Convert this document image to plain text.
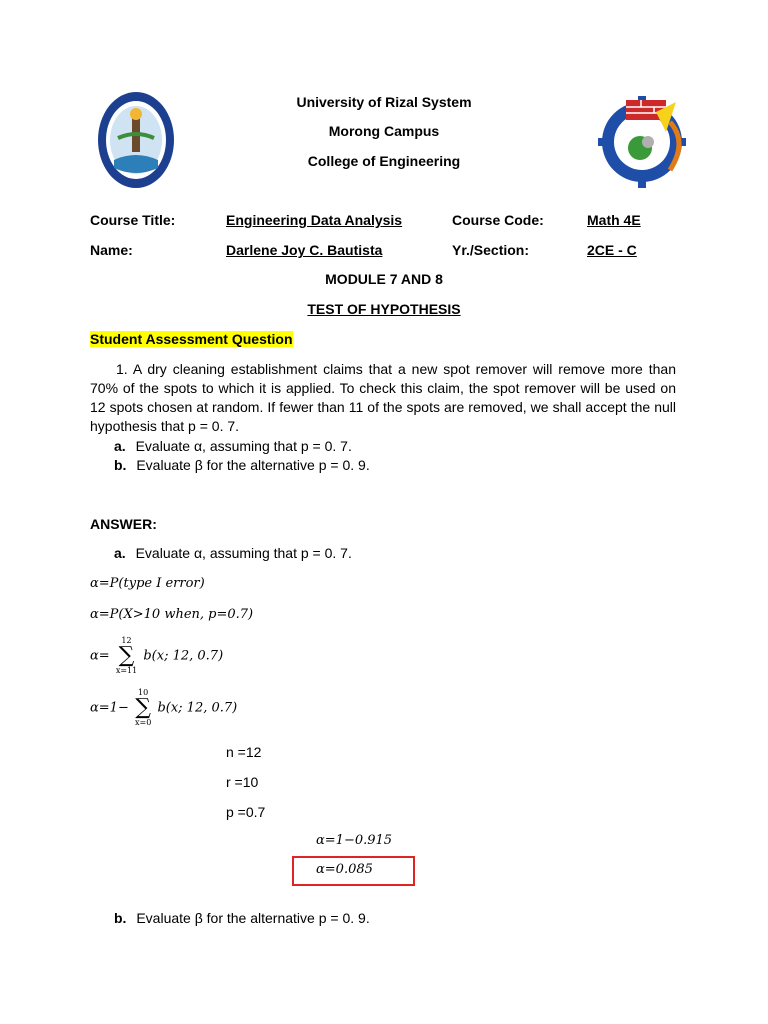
University of Rizal System
Morong Campus
College of Engineering
Course Title:	Engineering Data Analysis	Course Code:	Math 4E
Name:	Darlene Joy C. Bautista	Yr./Section:	2CE - C
MODULE 7 AND 8
TEST OF HYPOTHESIS
Student Assessment Question
1. A dry cleaning establishment claims that a new spot remover will remove more than 70% of the spots to which it is applied. To check this claim, the spot remover will be used on 12 spots chosen at random. If fewer than 11 of the spots are removed, we shall accept the null hypothesis that p = 0. 7.
a. Evaluate α, assuming that p = 0. 7.
b. Evaluate β for the alternative p = 0. 9.
ANSWER:
a. Evaluate α, assuming that p = 0. 7.
α=P(type I error)
α=P(X>10 when, p=0.7)
α=
12
∑
x=11
b(x; 12, 0.7)
α=1−
10
∑
x=0
b(x; 12, 0.7)
n =12
r =10
p =0.7
α=1−0.915
α=0.085
b. Evaluate β for the alternative p = 0. 9.
